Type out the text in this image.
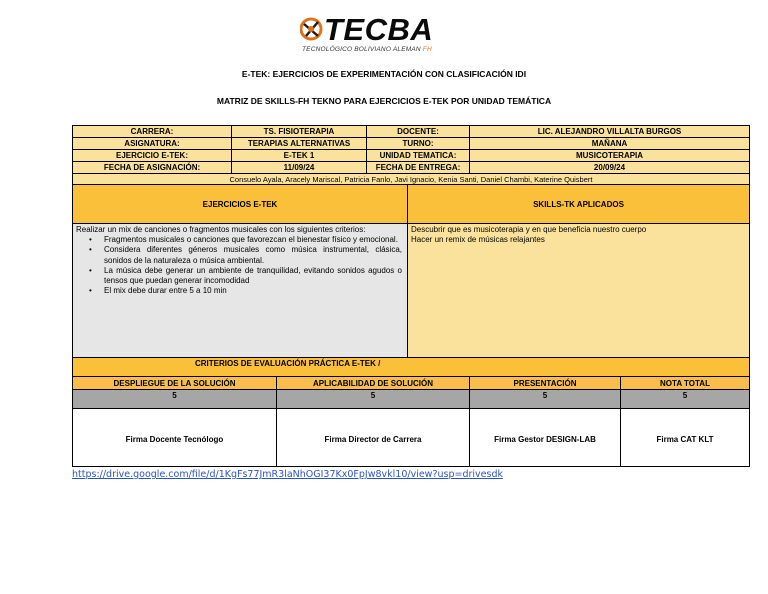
TECBA
TECNOLÓGICO BOLIVIANO ALEMAN FH
E-TEK: EJERCICIOS DE EXPERIMENTACIÓN CON CLASIFICACIÓN IDI
MATRIZ DE SKILLS-FH TEKNO PARA EJERCICIOS E-TEK POR UNIDAD TEMÁTICA
CARRERA:	TS. FISIOTERAPIA	DOCENTE:	LIC. ALEJANDRO VILLALTA BURGOS
ASIGNATURA:	TERAPIAS ALTERNATIVAS	TURNO:	MAÑANA
EJERCICIO E-TEK:	E-TEK 1	UNIDAD TEMATICA:	MUSICOTERAPIA
FECHA DE ASIGNACIÓN:	11/09/24	FECHA DE ENTREGA:	20/09/24
Consuelo Ayala, Aracely Mariscal, Patricia Fanlo, Javi Ignacio, Kenia Santi, Daniel Chambi, Katerine Quisbert
EJERCICIOS E-TEK	SKILLS-TK APLICADOS
Realizar un mix de canciones o fragmentos musicales con los siguientes criterios:
• Fragmentos musicales o canciones que favorezcan el bienestar físico y emocional.
• Considera diferentes géneros musicales como música instrumental, clásica, sonidos de la naturaleza o música ambiental.
• La música debe generar un ambiente de tranquilidad, evitando sonidos agudos o tensos que puedan generar incomodidad
• El mix debe durar entre 5 a 10 min
Descubrir que es musicoterapia y en que beneficia nuestro cuerpo
Hacer un remix de músicas relajantes
CRITERIOS DE EVALUACIÓN PRÁCTICA E-TEK /
DESPLIEGUE DE LA SOLUCIÓN	APLICABILIDAD DE SOLUCIÓN	PRESENTACIÓN	NOTA TOTAL
5	5	5	5
Firma Docente Tecnólogo	Firma Director de Carrera	Firma Gestor DESIGN-LAB	Firma CAT KLT
https://drive.google.com/file/d/1KgFs77JmR3laNhOGI37Kx0FpJw8vkl10/view?usp=drivesdk
